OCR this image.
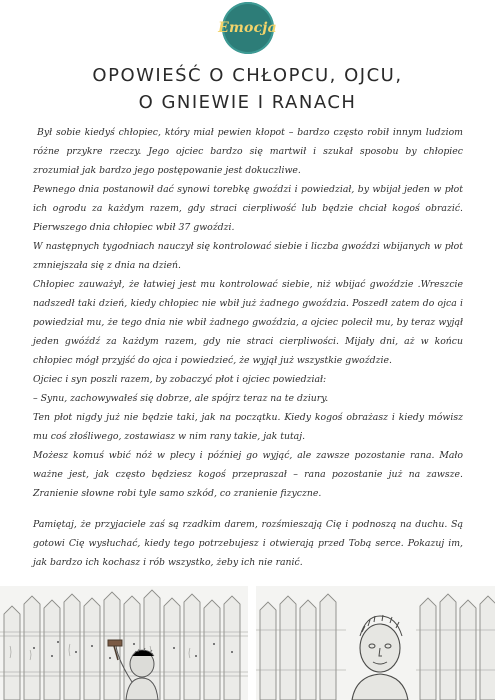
Emocja
OPOWIEŚĆ O CHŁOPCU, OJCU,
O GNIEWIE I RANACH

Był sobie kiedyś chłopiec, który miał pewien kłopot – bardzo często robił innym ludziom różne przykre rzeczy. Jego ojciec bardzo się martwił i szukał sposobu by chłopiec zrozumiał jak bardzo jego postępowanie jest dokuczliwe.

Pewnego dnia postanowił dać synowi torebkę gwoździ i powiedział, by wbijał jeden w płot ich ogrodu za każdym razem, gdy straci cierpliwość lub będzie chciał kogoś obrazić. Pierwszego dnia chłopiec wbił 37 gwoździ.

W następnych tygodniach nauczył się kontrolować siebie i liczba gwoździ wbijanych w płot zmniejszała się z dnia na dzień.

Chłopiec zauważył, że łatwiej jest mu kontrolować siebie, niż wbijać gwoździe .Wreszcie nadszedł taki dzień, kiedy chłopiec nie wbił już żadnego gwoździa. Poszedł zatem do ojca i powiedział mu, że tego dnia nie wbił żadnego gwoździa, a ojciec polecił mu, by teraz wyjął jeden gwóźdź za każdym razem, gdy nie straci cierpliwości. Mijały dni, aż w końcu chłopiec mógł przyjść do ojca i powiedzieć, że wyjął już wszystkie gwoździe.

Ojciec i syn poszli razem, by zobaczyć płot i ojciec powiedział:

– Synu, zachowywałeś się dobrze, ale spójrz teraz na te dziury.

Ten płot nigdy już nie będzie taki, jak na początku. Kiedy kogoś obrażasz i kiedy mówisz mu coś złośliwego, zostawiasz w nim rany takie, jak tutaj.

Możesz komuś wbić nóż w plecy i później go wyjąć, ale zawsze pozostanie rana. Mało ważne jest, jak często będziesz kogoś przepraszał – rana pozostanie już na zawsze. Zranienie słowne robi tyle samo szkód, co zranienie fizyczne.

Pamiętaj, że przyjaciele zaś są rzadkim darem, rozśmieszają Cię i podnoszą na duchu. Są gotowi Cię wysłuchać, kiedy tego potrzebujesz i otwierają przed Tobą serce. Pokazuj im, jak bardzo ich kochasz i rób wszystko, żeby ich nie ranić.
